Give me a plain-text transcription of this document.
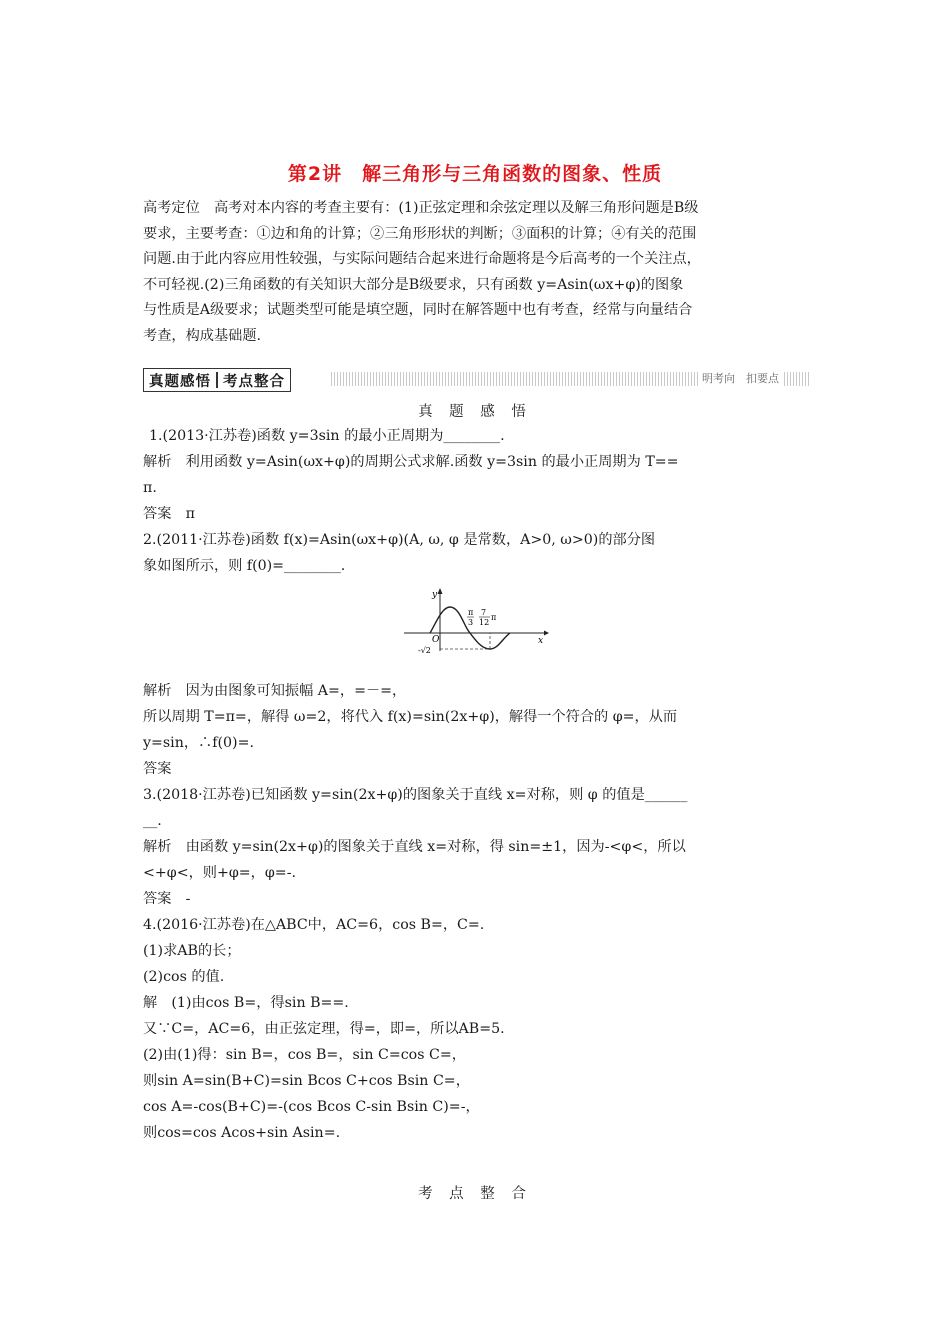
第2讲　解三角形与三角函数的图象、性质
高考定位　高考对本内容的考查主要有：(1)正弦定理和余弦定理以及解三角形问题是B级
要求，主要考查：①边和角的计算；②三角形形状的判断；③面积的计算；④有关的范围
问题.由于此内容应用性较强，与实际问题结合起来进行命题将是今后高考的一个关注点，
不可轻视.(2)三角函数的有关知识大部分是B级要求，只有函数 y=Asin(ωx+φ)的图象
与性质是A级要求；试题类型可能是填空题，同时在解答题中也有考查，经常与向量结合
考查，构成基础题.
真题感悟 考点整合	明考向　扣要点
真 题 感 悟
1.(2013·江苏卷)函数 y=3sin 的最小正周期为________.
解析　利用函数 y=Asin(ωx+φ)的周期公式求解.函数 y=3sin 的最小正周期为 T==
π.
答案　π
2.(2011·江苏卷)函数 f(x)=Asin(ωx+φ)(A, ω, φ 是常数，A>0, ω>0)的部分图
象如图所示，则 f(0)=________.
y
x
O
-√2
π
3
7
12
π
解析　因为由图象可知振幅 A=，=－=，
所以周期 T=π=，解得 ω=2，将代入 f(x)=sin(2x+φ)，解得一个符合的 φ=，从而
y=sin，∴f(0)=.
答案
3.(2018·江苏卷)已知函数 y=sin(2x+φ)的图象关于直线 x=对称，则 φ 的值是______
__.
解析　由函数 y=sin(2x+φ)的图象关于直线 x=对称，得 sin=±1，因为-<φ<，所以
<+φ<，则+φ=，φ=-.
答案　-
4.(2016·江苏卷)在△ABC中，AC=6，cos B=，C=.
(1)求AB的长；
(2)cos 的值.
解　(1)由cos B=，得sin B==.
又∵C=，AC=6，由正弦定理，得=，即=，所以AB=5.
(2)由(1)得：sin B=，cos B=，sin C=cos C=，
则sin A=sin(B+C)=sin Bcos C+cos Bsin C=，
cos A=-cos(B+C)=-(cos Bcos C-sin Bsin C)=-，
则cos=cos Acos+sin Asin=.
考 点 整 合
